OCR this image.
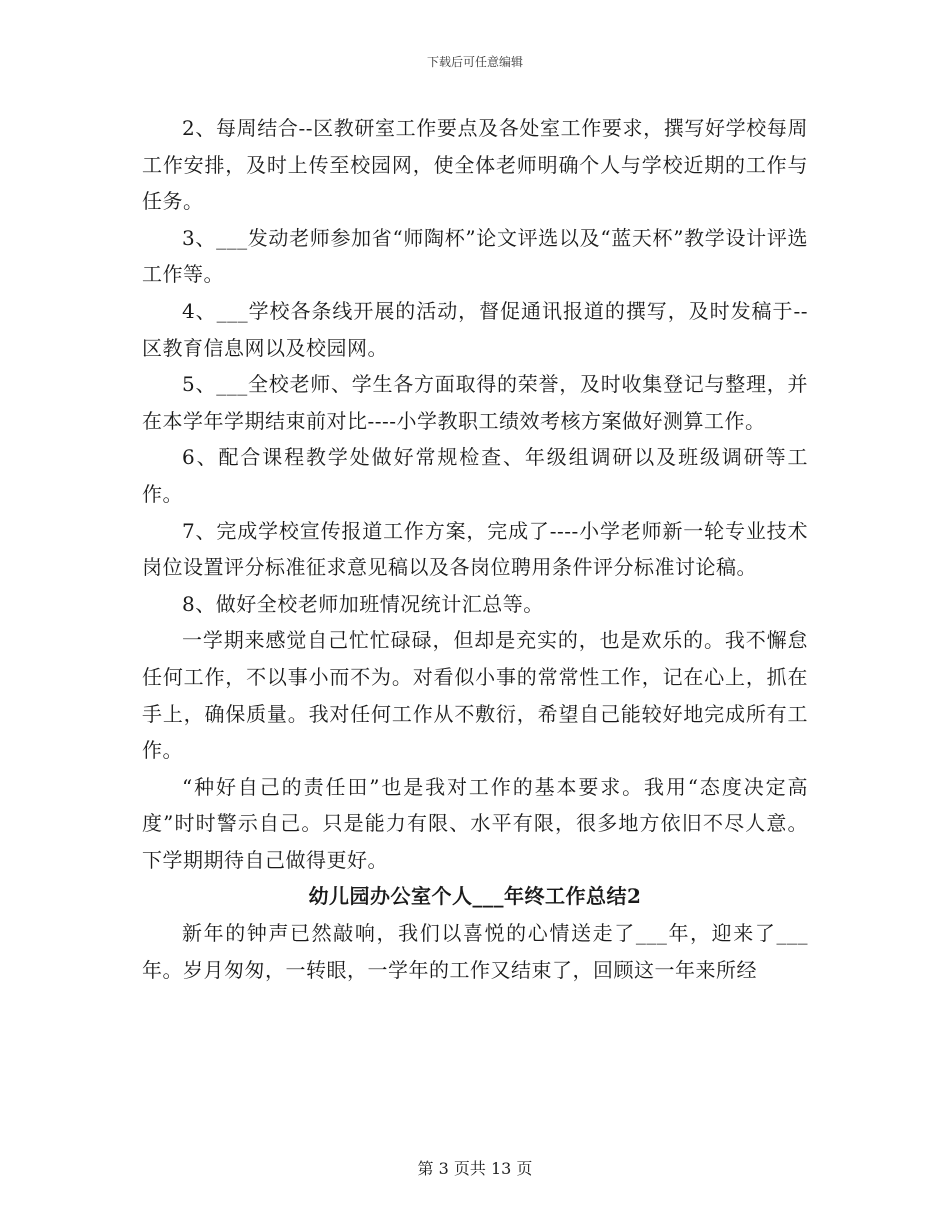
下载后可任意编辑

2、每周结合--区教研室工作要点及各处室工作要求，撰写好学校每周工作安排，及时上传至校园网，使全体老师明确个人与学校近期的工作与任务。

3、___发动老师参加省“师陶杯”论文评选以及“蓝天杯”教学设计评选工作等。

4、___学校各条线开展的活动，督促通讯报道的撰写，及时发稿于--区教育信息网以及校园网。

5、___全校老师、学生各方面取得的荣誉，及时收集登记与整理，并在本学年学期结束前对比----小学教职工绩效考核方案做好测算工作。

6、配合课程教学处做好常规检查、年级组调研以及班级调研等工作。

7、完成学校宣传报道工作方案，完成了----小学老师新一轮专业技术岗位设置评分标准征求意见稿以及各岗位聘用条件评分标准讨论稿。

8、做好全校老师加班情况统计汇总等。

一学期来感觉自己忙忙碌碌，但却是充实的，也是欢乐的。我不懈怠任何工作，不以事小而不为。对看似小事的常常性工作，记在心上，抓在手上，确保质量。我对任何工作从不敷衍，希望自己能较好地完成所有工作。

“种好自己的责任田”也是我对工作的基本要求。我用“态度决定高度”时时警示自己。只是能力有限、水平有限，很多地方依旧不尽人意。下学期期待自己做得更好。

幼儿园办公室个人___年终工作总结2

新年的钟声已然敲响，我们以喜悦的心情送走了___年，迎来了___年。岁月匆匆，一转眼，一学年的工作又结束了，回顾这一年来所经

第 3 页共 13 页
